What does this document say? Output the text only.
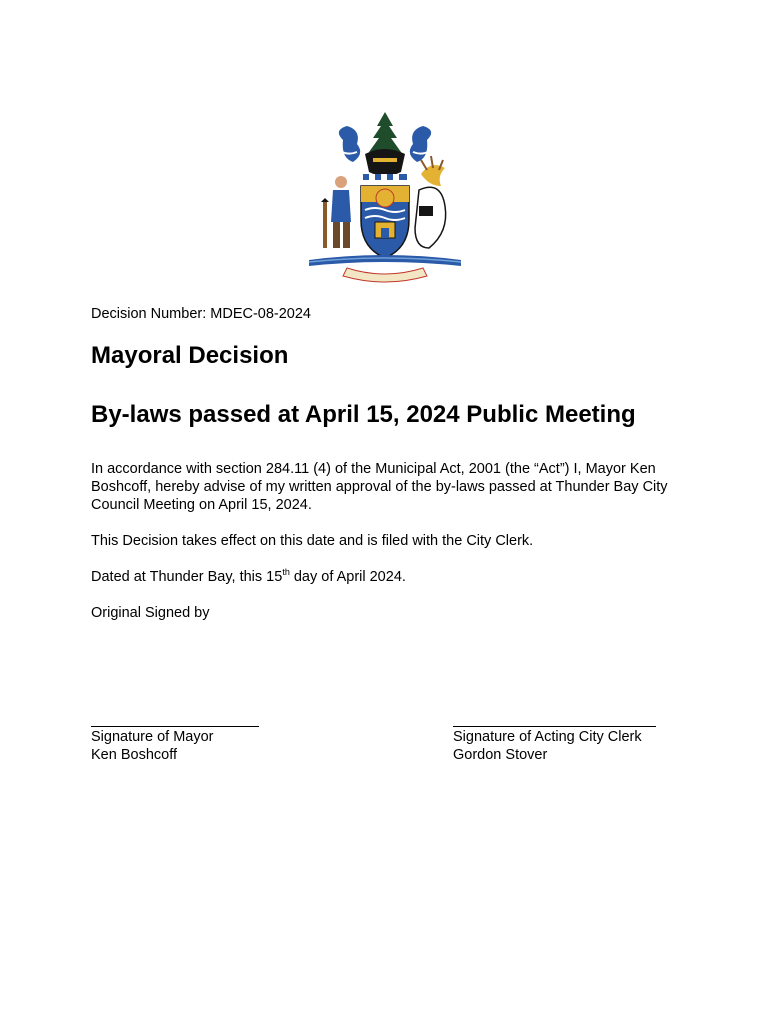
Decision Number: MDEC-08-2024
Mayoral Decision
By-laws passed at April 15, 2024 Public Meeting

In accordance with section 284.11 (4) of the Municipal Act, 2001 (the “Act”) I, Mayor Ken Boshcoff, hereby advise of my written approval of the by-laws passed at Thunder Bay City Council Meeting on April 15, 2024.

This Decision takes effect on this date and is filed with the City Clerk.

Dated at Thunder Bay, this 15th day of April 2024.

Original Signed by

Signature of Mayor
Ken Boshcoff
Signature of Acting City Clerk
Gordon Stover
